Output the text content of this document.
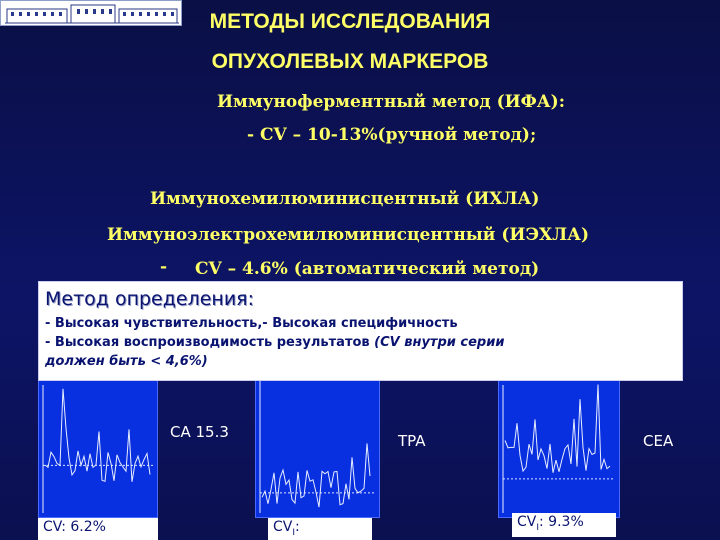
МЕТОДЫ ИССЛЕДОВАНИЯ
ОПУХОЛЕВЫХ МАРКЕРОВ
Иммуноферментный метод (ИФА):
- CV – 10-13%(ручной метод);
Иммунохемилюминисцентный (ИХЛА)
Иммуноэлектрохемилюминисцентный (ИЭХЛА)
- CV – 4.6% (автоматический метод)
Метод определения:
- Высокая чувствительность,- Высокая специфичность
- Высокая воспроизводимость результатов (CV внутри серии
должен быть < 4,6%)
CA 15.3	TPA	CEA
CV: 6.2%	$CV_I$:	$CV_I$: 9.3%
